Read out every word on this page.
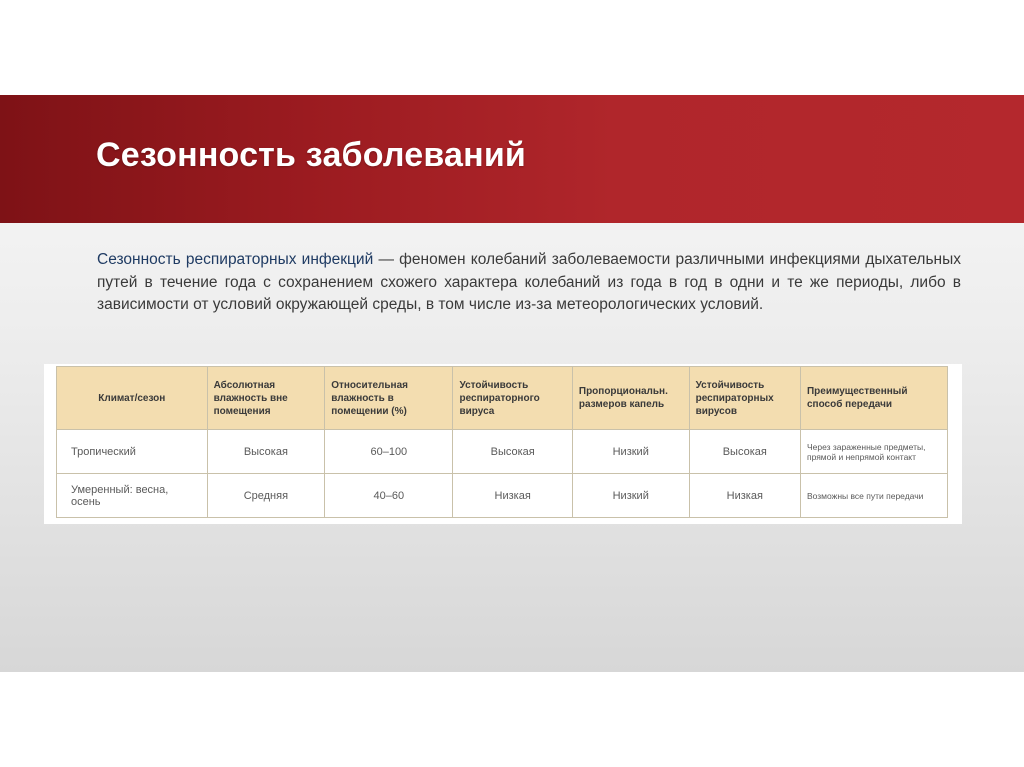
Сезонность заболеваний

Сезонность респираторных инфекций — феномен колебаний заболеваемости различными инфекциями дыхательных путей в течение года с сохранением схожего характера колебаний из года в год в одни и те же периоды, либо в зависимости от условий окружающей среды, в том числе из-за метеорологических условий.

Климат/сезон	Абсолютная влажность вне помещения	Относительная влажность в помещении (%)	Устойчивость респираторного вируса	Пропорциональн. размеров капель	Устойчивость респираторных вирусов	Преимущественный способ передачи
Тропический	Высокая	60–100	Высокая	Низкий	Высокая	Через зараженные предметы, прямой и непрямой контакт
Умеренный: весна, осень	Средняя	40–60	Низкая	Низкий	Низкая	Возможны все пути передачи
